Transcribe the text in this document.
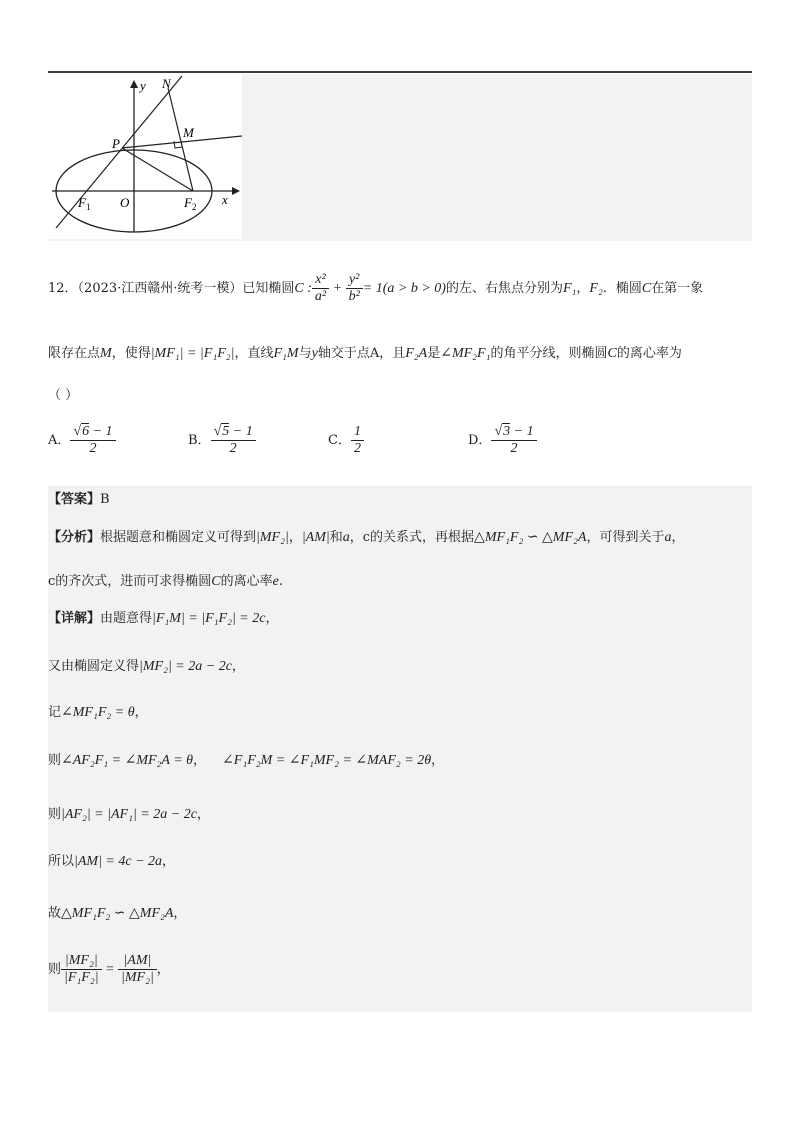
y N
P
M
F 1 O	F 2 x
12．（2023·江西赣州·统考一模）已知椭圆C : $\frac{\text{x²}}{\text{a²}} + \frac{\text{y²}}{\text{b²}} = 1(a > b > 0)$的左、右焦点分别为F₁，F₂．椭圆C在第一象
限存在点M，使得|MF₁| = |F₁F₂|，直线F₁M与y轴交于点A，且F₂A是∠MF₂F₁的角平分线，则椭圆C的离心率为
（ ）
A． $\frac{√6 - 1}{2}$	B． $\frac{√5 - 1}{2}$	C． $\frac{1}{2}$	D． $\frac{√3 - 1}{2}$
【答案】B
【分析】根据题意和椭圆定义可得到|MF₂|，|AM|和a，c的关系式，再根据△MF₁F₂ ∽ △MF₂A，可得到关于a，
c的齐次式，进而可求得椭圆C的离心率e.
【详解】由题意得|F₁M| = |F₁F₂| = 2c，
又由椭圆定义得|MF₂| = 2a − 2c，
记∠MF₁F₂ = θ，
则∠AF₂F₁ = ∠MF₂A = θ， ∠F₁F₂M = ∠F₁MF₂ = ∠MAF₂ = 2θ，
则|AF₂| = |AF₁| = 2a − 2c，
所以|AM| = 4c − 2a，
故△MF₁F₂ ∽ △MF₂A，
则 $\frac{\text{|MF₂|}}{\text{|F₁F₂|}} = \frac{|AM|}{\text{|MF₂|}}$ ，
